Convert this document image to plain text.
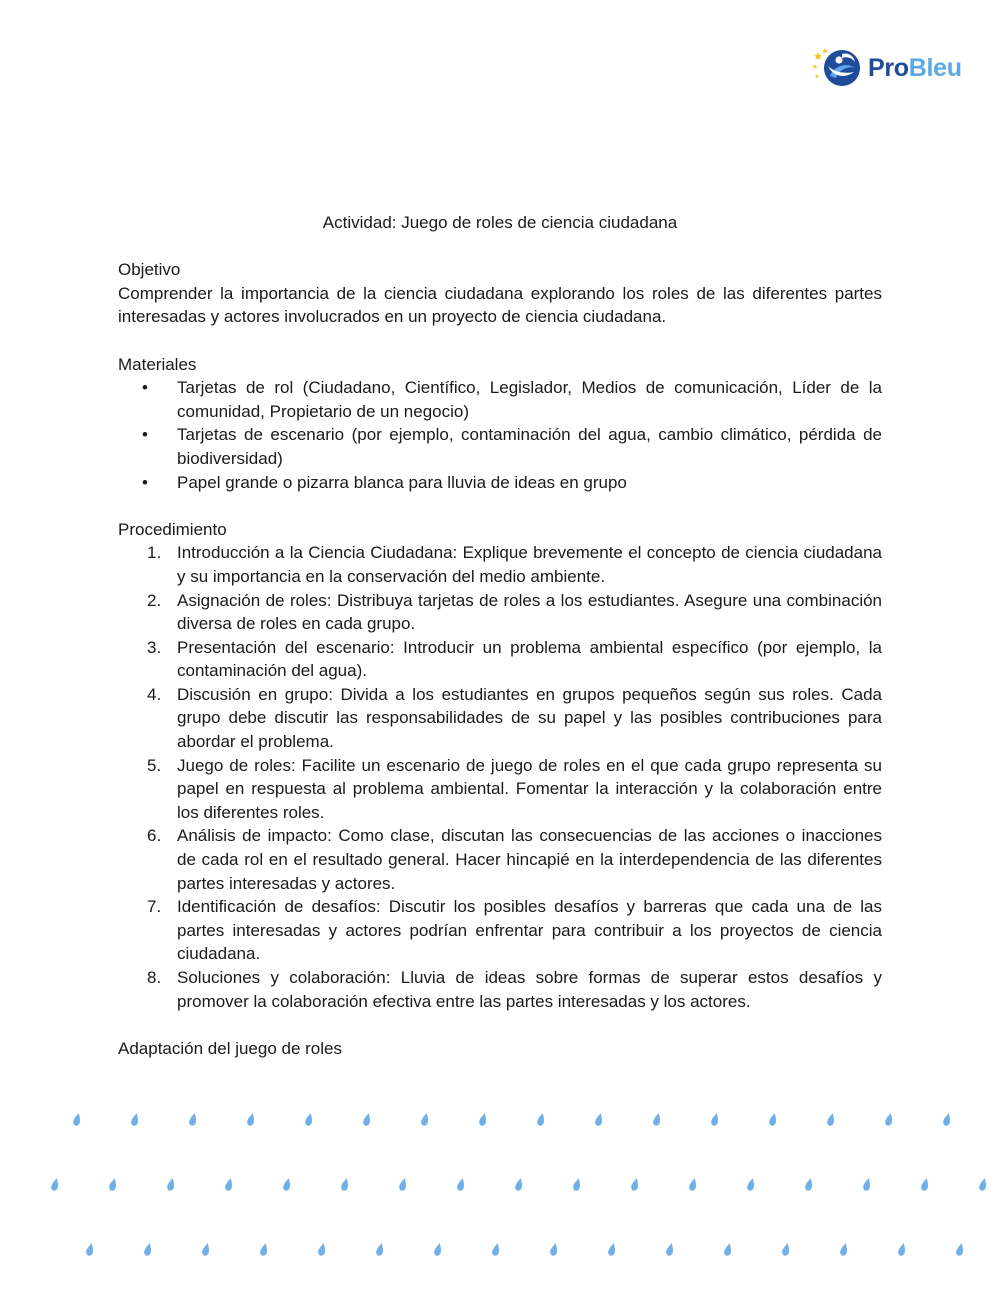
ProBleu
Actividad: Juego de roles de ciencia ciudadana
Objetivo

Comprender la importancia de la ciencia ciudadana explorando los roles de las diferentes partes interesadas y actores involucrados en un proyecto de ciencia ciudadana.

Materiales
• Tarjetas de rol (Ciudadano, Científico, Legislador, Medios de comunicación, Líder de la comunidad, Propietario de un negocio)
• Tarjetas de escenario (por ejemplo, contaminación del agua, cambio climático, pérdida de biodiversidad)
• Papel grande o pizarra blanca para lluvia de ideas en grupo
Procedimiento
1. Introducción a la Ciencia Ciudadana: Explique brevemente el concepto de ciencia ciudadana y su importancia en la conservación del medio ambiente.
2. Asignación de roles: Distribuya tarjetas de roles a los estudiantes. Asegure una combinación diversa de roles en cada grupo.
3. Presentación del escenario: Introducir un problema ambiental específico (por ejemplo, la contaminación del agua).
4. Discusión en grupo: Divida a los estudiantes en grupos pequeños según sus roles. Cada grupo debe discutir las responsabilidades de su papel y las posibles contribuciones para abordar el problema.
5. Juego de roles: Facilite un escenario de juego de roles en el que cada grupo representa su papel en respuesta al problema ambiental. Fomentar la interacción y la colaboración entre los diferentes roles.
6. Análisis de impacto: Como clase, discutan las consecuencias de las acciones o inacciones de cada rol en el resultado general. Hacer hincapié en la interdependencia de las diferentes partes interesadas y actores.
7. Identificación de desafíos: Discutir los posibles desafíos y barreras que cada una de las partes interesadas y actores podrían enfrentar para contribuir a los proyectos de ciencia ciudadana.
8. Soluciones y colaboración: Lluvia de ideas sobre formas de superar estos desafíos y promover la colaboración efectiva entre las partes interesadas y los actores.
Adaptación del juego de roles
